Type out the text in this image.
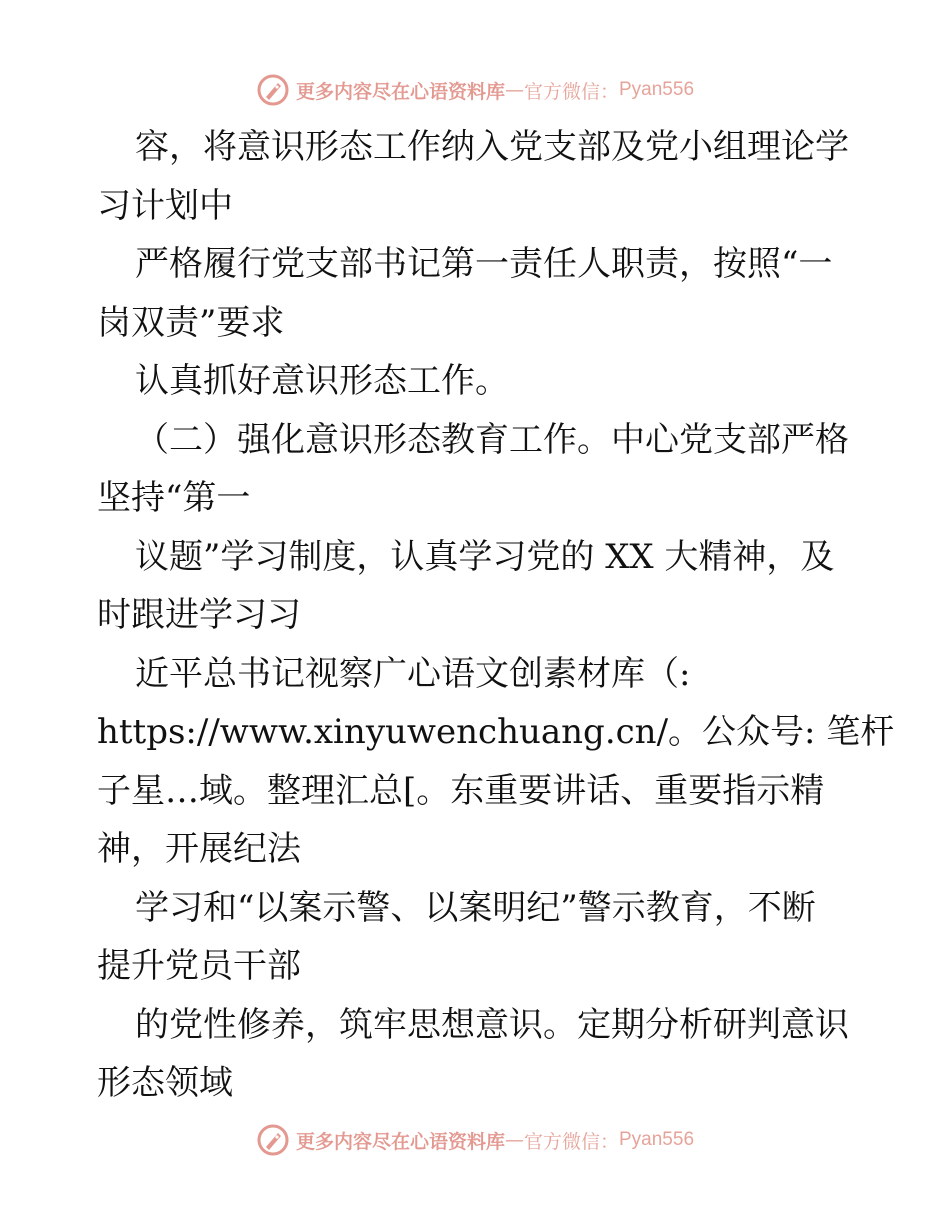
更多内容尽在心语资料库 — 官方微信： Pyan556
容，将意识形态工作纳入党支部及党小组理论学
习计划中
严格履行党支部书记第一责任人职责，按照“一
岗双责”要求
认真抓好意识形态工作。
（二）强化意识形态教育工作。中心党支部严格
坚持“第一
议题”学习制度，认真学习党的 XX 大精神，及
时跟进学习习
近平总书记视察广心语文创素材库（:
https://www.xinyuwenchuang.cn/。公众号: 笔杆
子星…域。整理汇总[。东重要讲话、重要指示精
神，开展纪法
学习和“以案示警、以案明纪”警示教育，不断
提升党员干部
的党性修养，筑牢思想意识。定期分析研判意识
形态领域
更多内容尽在心语资料库 — 官方微信： Pyan556
